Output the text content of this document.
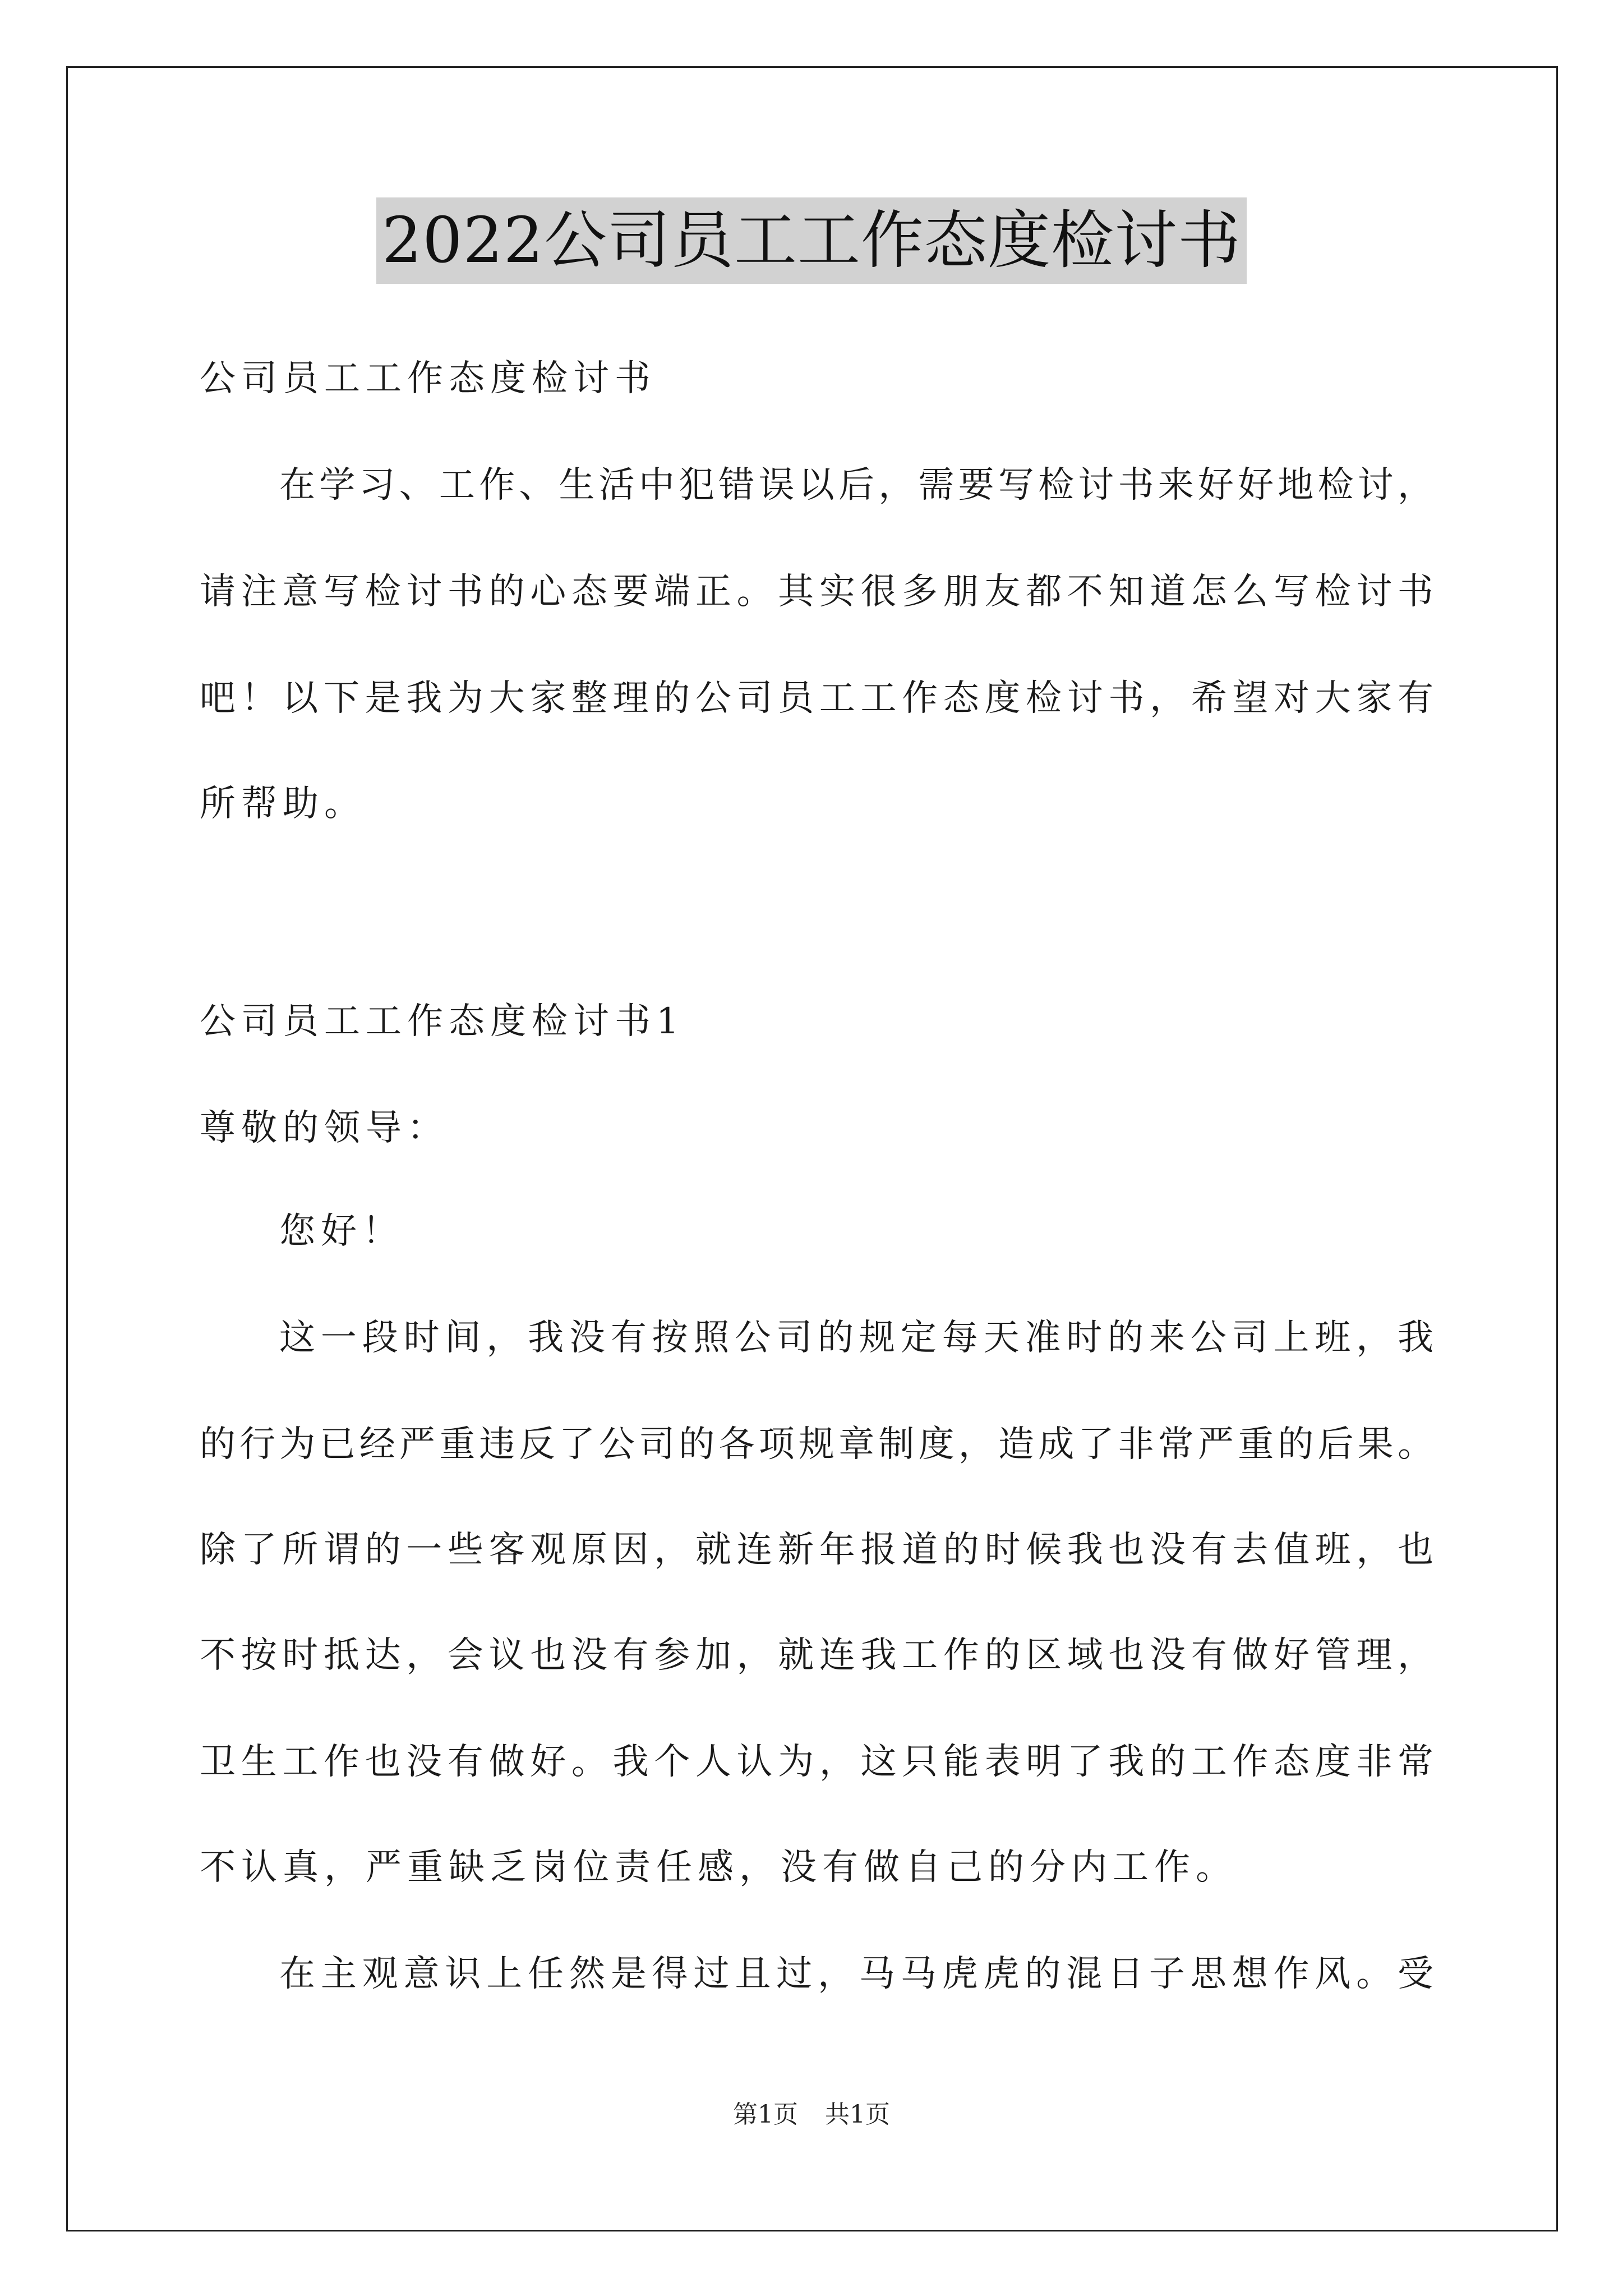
2022公司员工工作态度检讨书
公司员工工作态度检讨书
在学习、工作、生活中犯错误以后，需要写检讨书来好好地检讨，
请注意写检讨书的心态要端正。其实很多朋友都不知道怎么写检讨书
吧！以下是我为大家整理的公司员工工作态度检讨书，希望对大家有
所帮助。
公司员工工作态度检讨书1
尊敬的领导：
您好！
这一段时间，我没有按照公司的规定每天准时的来公司上班，我
的行为已经严重违反了公司的各项规章制度，造成了非常严重的后果。
除了所谓的一些客观原因，就连新年报道的时候我也没有去值班，也
不按时抵达，会议也没有参加，就连我工作的区域也没有做好管理，
卫生工作也没有做好。我个人认为，这只能表明了我的工作态度非常
不认真，严重缺乏岗位责任感，没有做自己的分内工作。
在主观意识上任然是得过且过，马马虎虎的混日子思想作风。受
第1页 共1页
